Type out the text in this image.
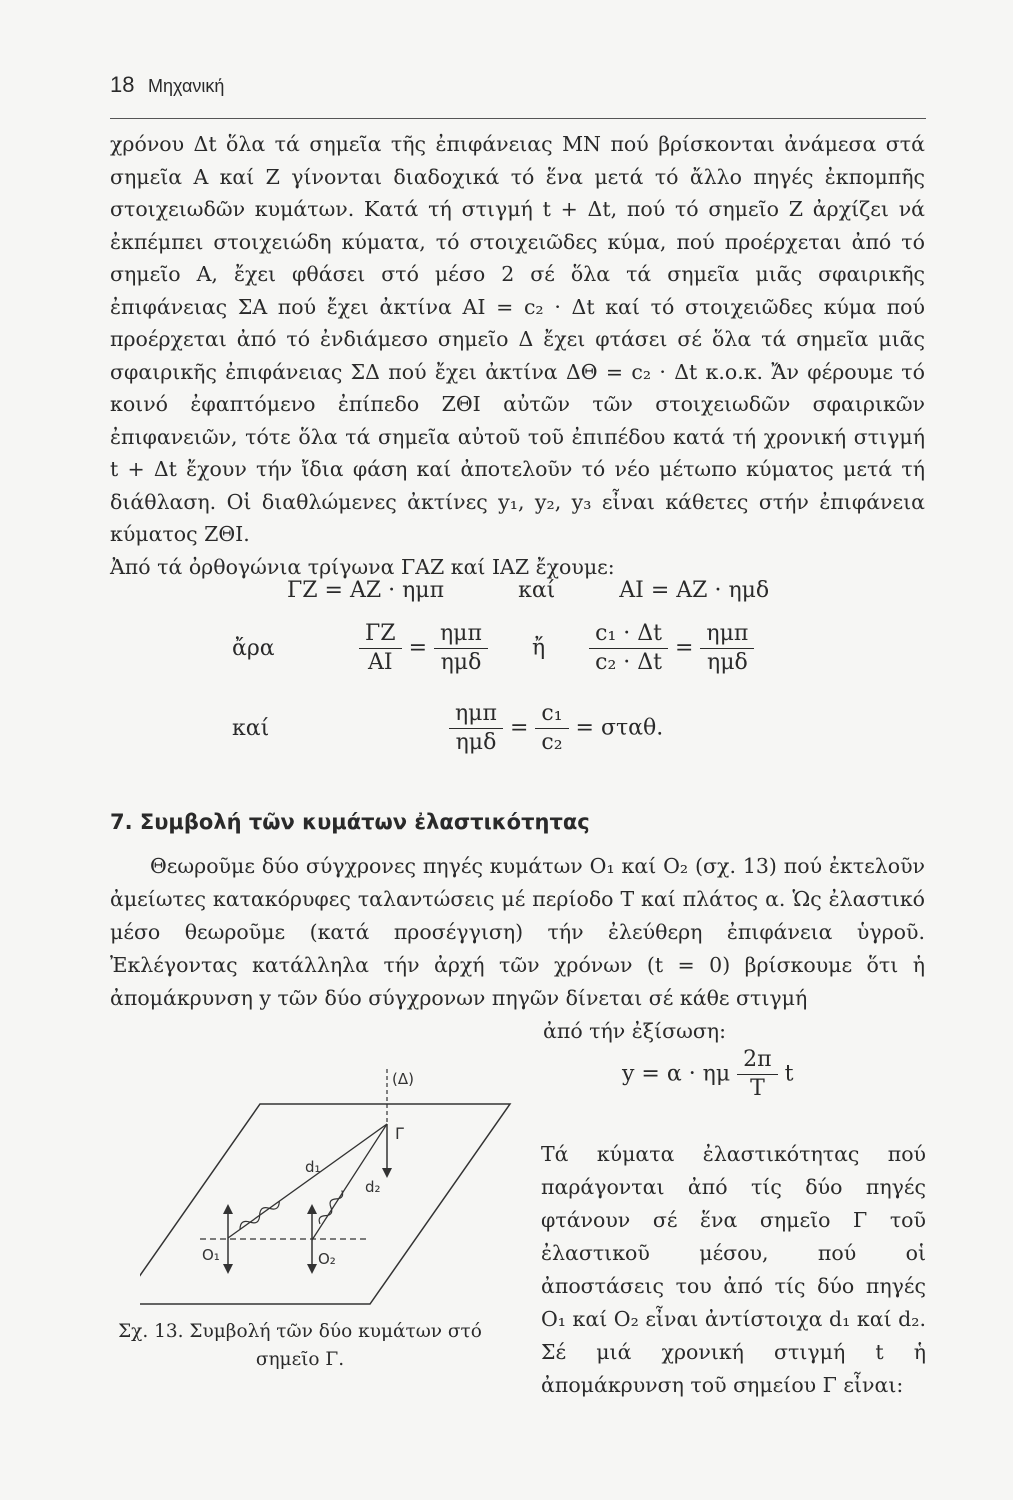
18 Μηχανική

χρόνου Δt ὅλα τά σημεῖα τῆς ἐπιφάνειας ΜΝ πού βρίσκονται ἀνάμεσα στά σημεῖα Α καί Ζ γίνονται διαδοχικά τό ἕνα μετά τό ἄλλο πηγές ἐκπομπῆς στοιχειωδῶν κυμάτων. Κατά τή στιγμή t + Δt, πού τό σημεῖο Ζ ἀρχίζει νά ἐκπέμπει στοιχειώδη κύματα, τό στοιχειῶδες κύμα, πού προέρχεται ἀπό τό σημεῖο Α, ἔχει φθάσει στό μέσο 2 σέ ὅλα τά σημεῖα μιᾶς σφαιρικῆς ἐπιφάνειας ΣΑ πού ἔχει ἀκτίνα ΑΙ = c₂ · Δt καί τό στοιχειῶδες κύμα πού προέρχεται ἀπό τό ἐνδιάμεσο σημεῖο Δ ἔχει φτάσει σέ ὅλα τά σημεῖα μιᾶς σφαιρικῆς ἐπιφάνειας ΣΔ πού ἔχει ἀκτίνα ΔΘ = c₂ · Δt κ.ο.κ. Ἄν φέρουμε τό κοινό ἐφαπτόμενο ἐπίπεδο ΖΘΙ αὐτῶν τῶν στοιχειωδῶν σφαιρικῶν ἐπιφανειῶν, τότε ὅλα τά σημεῖα αὐτοῦ τοῦ ἐπιπέδου κατά τή χρονική στιγμή t + Δt ἔχουν τήν ἴδια φάση καί ἀποτελοῦν τό νέο μέτωπο κύματος μετά τή διάθλαση. Οἱ διαθλώμενες ἀκτίνες y₁, y₂, y₃ εἶναι κάθετες στήν ἐπιφάνεια κύματος ΖΘΙ.

Ἀπό τά ὀρθογώνια τρίγωνα ΓΑΖ καί ΙΑΖ ἔχουμε:

ΓΖ = ΑΖ · ημπ	καί	ΑΙ = ΑΖ · ημδ
ἄρα	$\frac{\Gamma Z}{AI} = \frac{\text{ημπ}}{\text{ημδ}}$ ἤ $\frac{\text{c₁ · Δt}}{\text{c₂ · Δt}} = \frac{\text{ημπ}}{\text{ημδ}}$
καί	$\frac{\text{ημπ}}{\text{ημδ}} = \frac{\text{c₁}}{\text{c₂}} = \sigma\tau\alpha\theta$.
7. Συμβολή τῶν κυμάτων ἐλαστικότητας

Θεωροῦμε δύο σύγχρονες πηγές κυμάτων Ο₁ καί Ο₂ (σχ. 13) πού ἐκτελοῦν ἀμείωτες κατακόρυφες ταλαντώσεις μέ περίοδο Τ καί πλάτος α. Ὡς ἐλαστικό μέσο θεωροῦμε (κατά προσέγγιση) τήν ἐλεύθερη ἐπιφάνεια ὑγροῦ. Ἐκλέγοντας κατάλληλα τήν ἀρχή τῶν χρόνων (t = 0) βρίσκουμε ὅτι ἡ ἀπομάκρυνση y τῶν δύο σύγχρονων πηγῶν δίνεται σέ κάθε στιγμή

ἀπό τήν ἐξίσωση:

y = α · ημ $\frac{2\pi}{T}$ t

Τά κύματα ἐλαστικότητας πού παράγονται ἀπό τίς δύο πηγές φτάνουν σέ ἕνα σημεῖο Γ τοῦ ἐλαστικοῦ μέσου, πού οἱ ἀποστάσεις του ἀπό τίς δύο πηγές Ο₁ καί Ο₂ εἶναι ἀντίστοιχα d₁ καί d₂. Σέ μιά χρονική στιγμή t ἡ ἀπομάκρυνση τοῦ σημείου Γ εἶναι:

(Δ)
Γ
d₁
d₂
Ο₁	Ο₂
Σχ. 13. Συμβολή τῶν δύο κυμάτων στό
σημεῖο Γ.
